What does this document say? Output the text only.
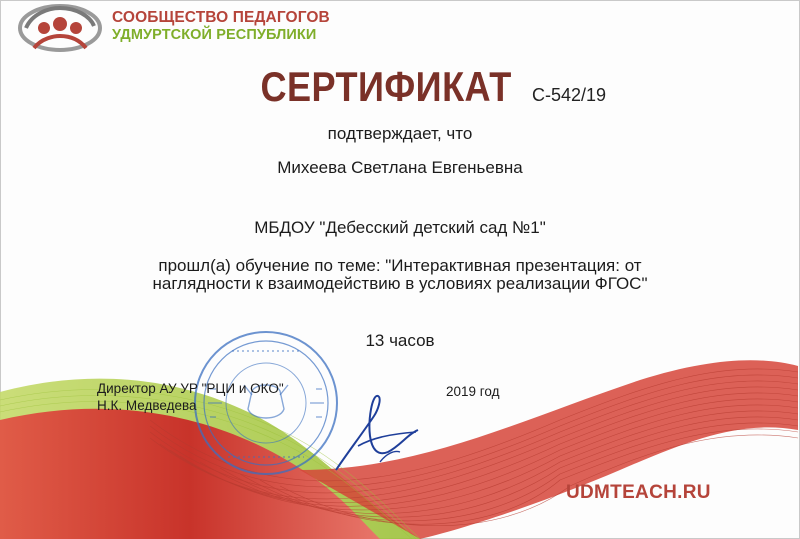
СООБЩЕСТВО ПЕДАГОГОВ
УДМУРТСКОЙ РЕСПУБЛИКИ
СЕРТИФИКАТ	С-542/19
подтверждает, что
Михеева Светлана Евгеньевна
МБДОУ "Дебесский детский сад №1"
прошл(а) обучение по теме: "Интерактивная презентация: от
наглядности к взаимодействию в условиях реализации ФГОС"
13 часов
Директор АУ УР "РЦИ и ОКО"
Н.К. Медведева
2019 год
UDMTEACH.RU
